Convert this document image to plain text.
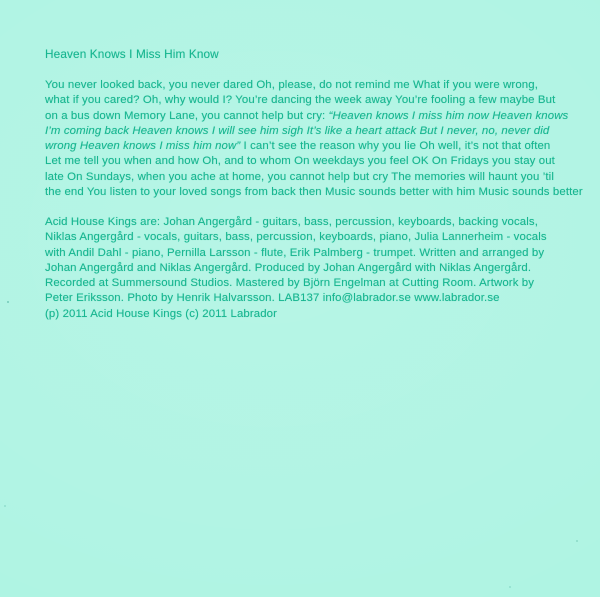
Heaven Knows I Miss Him Know
You never looked back, you never dared Oh, please, do not remind me What if you were wrong,
what if you cared? Oh, why would I? You’re dancing the week away You’re fooling a few maybe But
on a bus down Memory Lane, you cannot help but cry: “Heaven knows I miss him now Heaven knows
I’m coming back Heaven knows I will see him sigh It’s like a heart attack But I never, no, never did
wrong Heaven knows I miss him now” I can’t see the reason why you lie Oh well, it’s not that often
Let me tell you when and how Oh, and to whom On weekdays you feel OK On Fridays you stay out
late On Sundays, when you ache at home, you cannot help but cry The memories will haunt you ’til
the end You listen to your loved songs from back then Music sounds better with him Music sounds better
Acid House Kings are: Johan Angergård - guitars, bass, percussion, keyboards, backing vocals,
Niklas Angergård - vocals, guitars, bass, percussion, keyboards, piano, Julia Lannerheim - vocals
with Andil Dahl - piano, Pernilla Larsson - flute, Erik Palmberg - trumpet. Written and arranged by
Johan Angergård and Niklas Angergård. Produced by Johan Angergård with Niklas Angergård.
Recorded at Summersound Studios. Mastered by Björn Engelman at Cutting Room. Artwork by
Peter Eriksson. Photo by Henrik Halvarsson. LAB137 info@labrador.se www.labrador.se
(p) 2011 Acid House Kings (c) 2011 Labrador
